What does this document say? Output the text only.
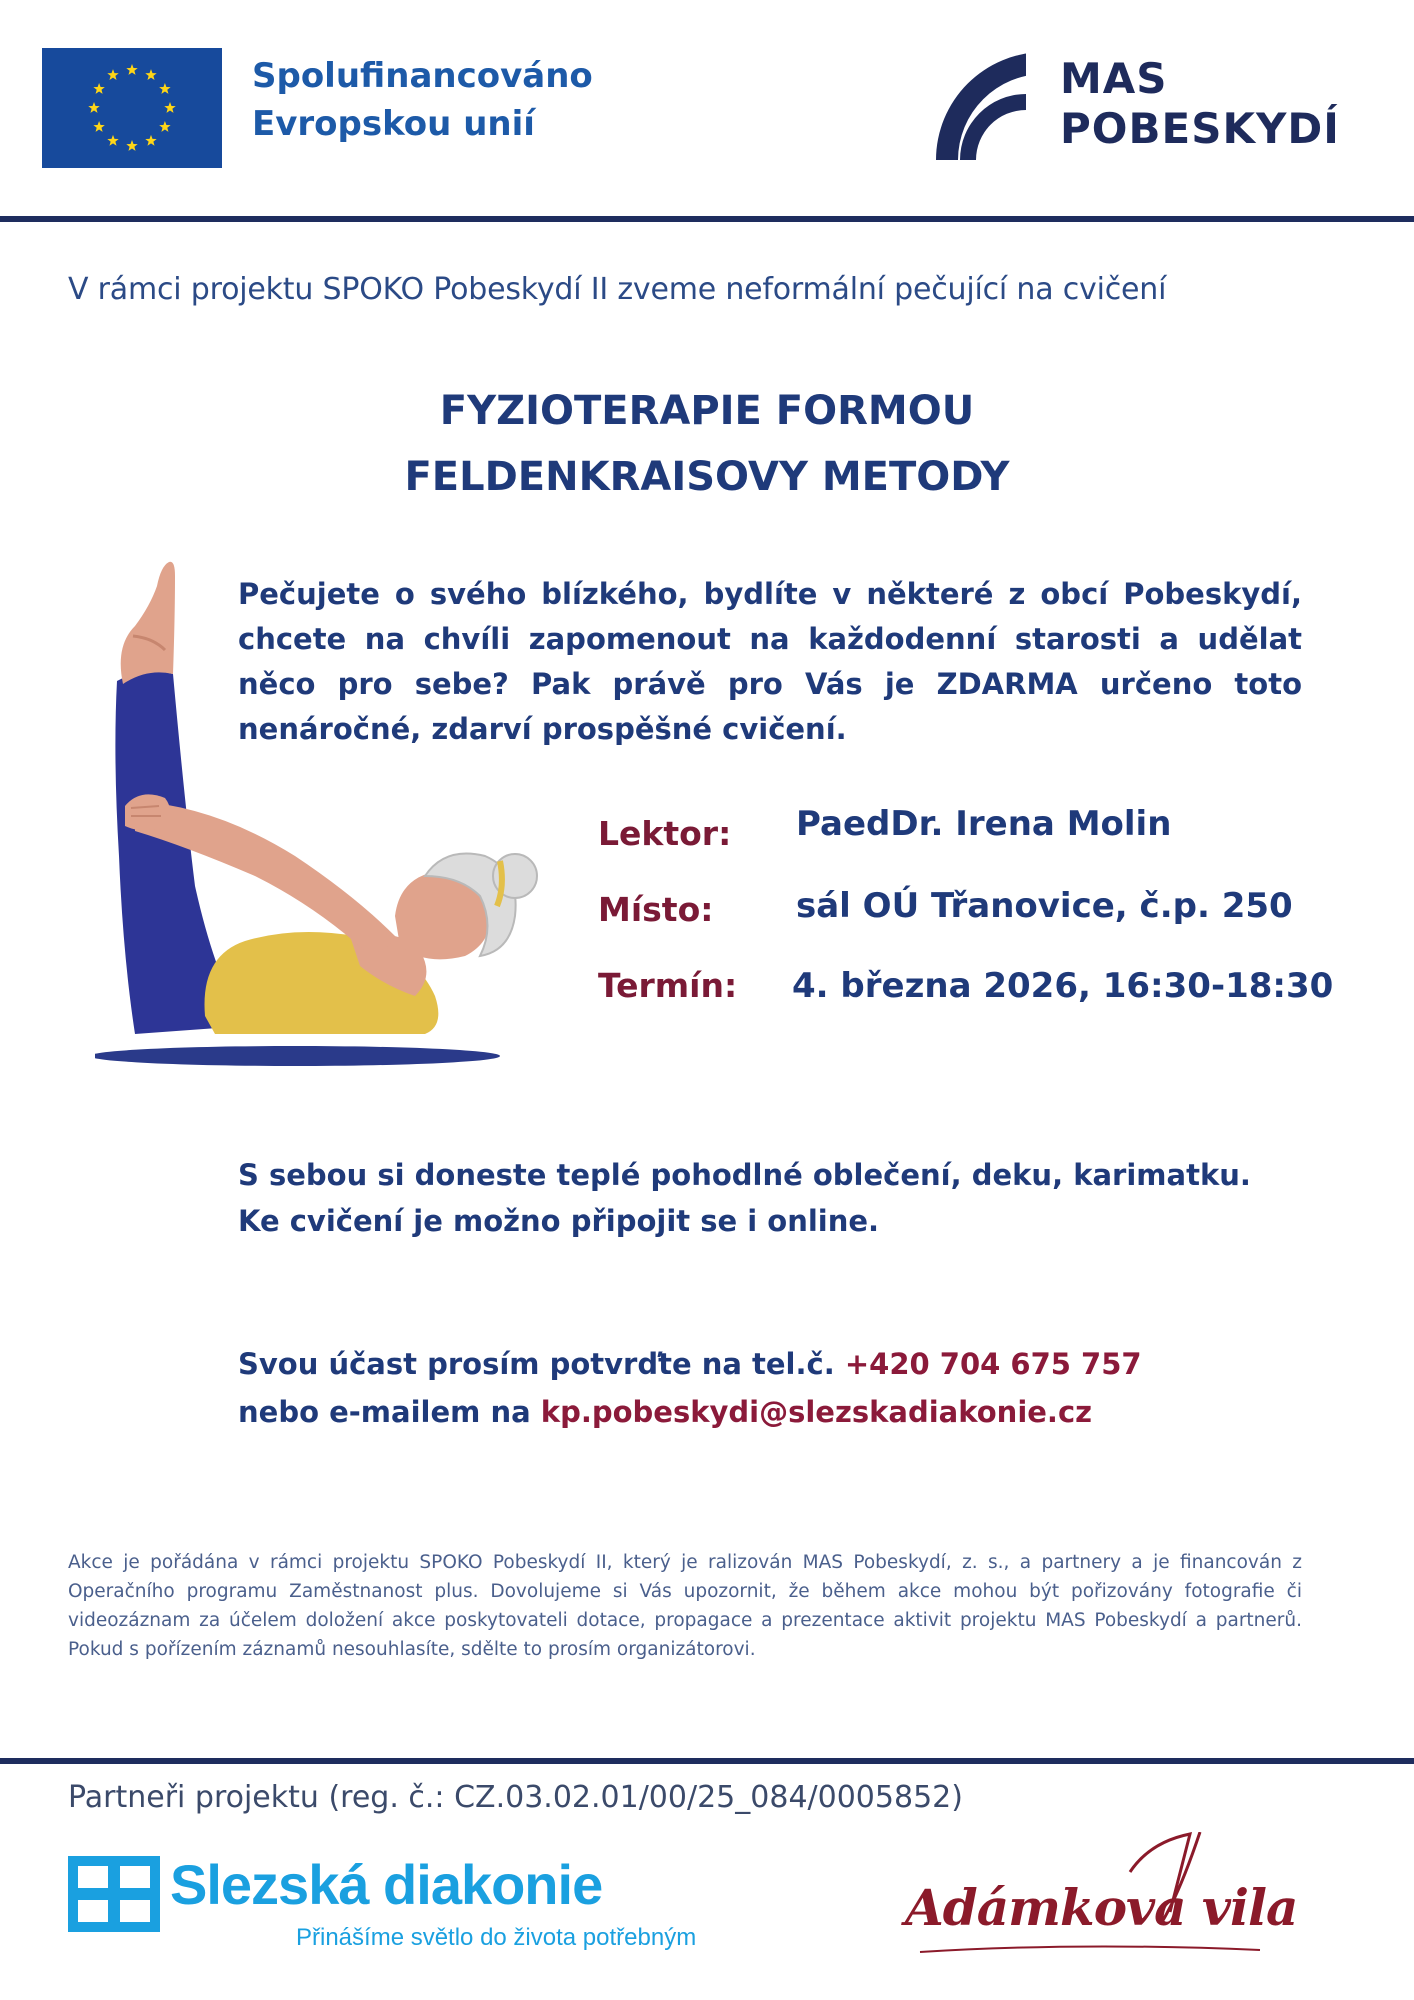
Spolufinancováno
Evropskou unií
MAS
POBESKYDÍ
V rámci projektu SPOKO Pobeskydí II zveme neformální pečující na cvičení
FYZIOTERAPIE FORMOU
FELDENKRAISOVY METODY
Pečujete o svého blízkého, bydlíte v některé z obcí Pobeskydí, chcete na chvíli zapomenout na každodenní starosti a udělat něco pro sebe? Pak právě pro Vás je ZDARMA určeno toto nenáročné, zdarví prospěšné cvičení.
Lektor: PaedDr. Irena Molin
Místo: sál OÚ Třanovice, č.p. 250
Termín: 4. března 2026, 16:30-18:30
S sebou si doneste teplé pohodlné oblečení, deku, karimatku.
Ke cvičení je možno připojit se i online.
Svou účast prosím potvrďte na tel.č. +420 704 675 757
nebo e-mailem na kp.pobeskydi@slezskadiakonie.cz
Akce je pořádána v rámci projektu SPOKO Pobeskydí II, který je ralizován MAS Pobeskydí, z. s., a partnery a je financován z Operačního programu Zaměstnanost plus. Dovolujeme si Vás upozornit, že během akce mohou být pořizovány fotografie či videozáznam za účelem doložení akce poskytovateli dotace, propagace a prezentace aktivit projektu MAS Pobeskydí a partnerů. Pokud s pořízením záznamů nesouhlasíte, sdělte to prosím organizátorovi.
Partneři projektu (reg. č.: CZ.03.02.01/00/25_084/0005852)
Slezská diakonie
Přinášíme světlo do života potřebným
Adámkova vila
